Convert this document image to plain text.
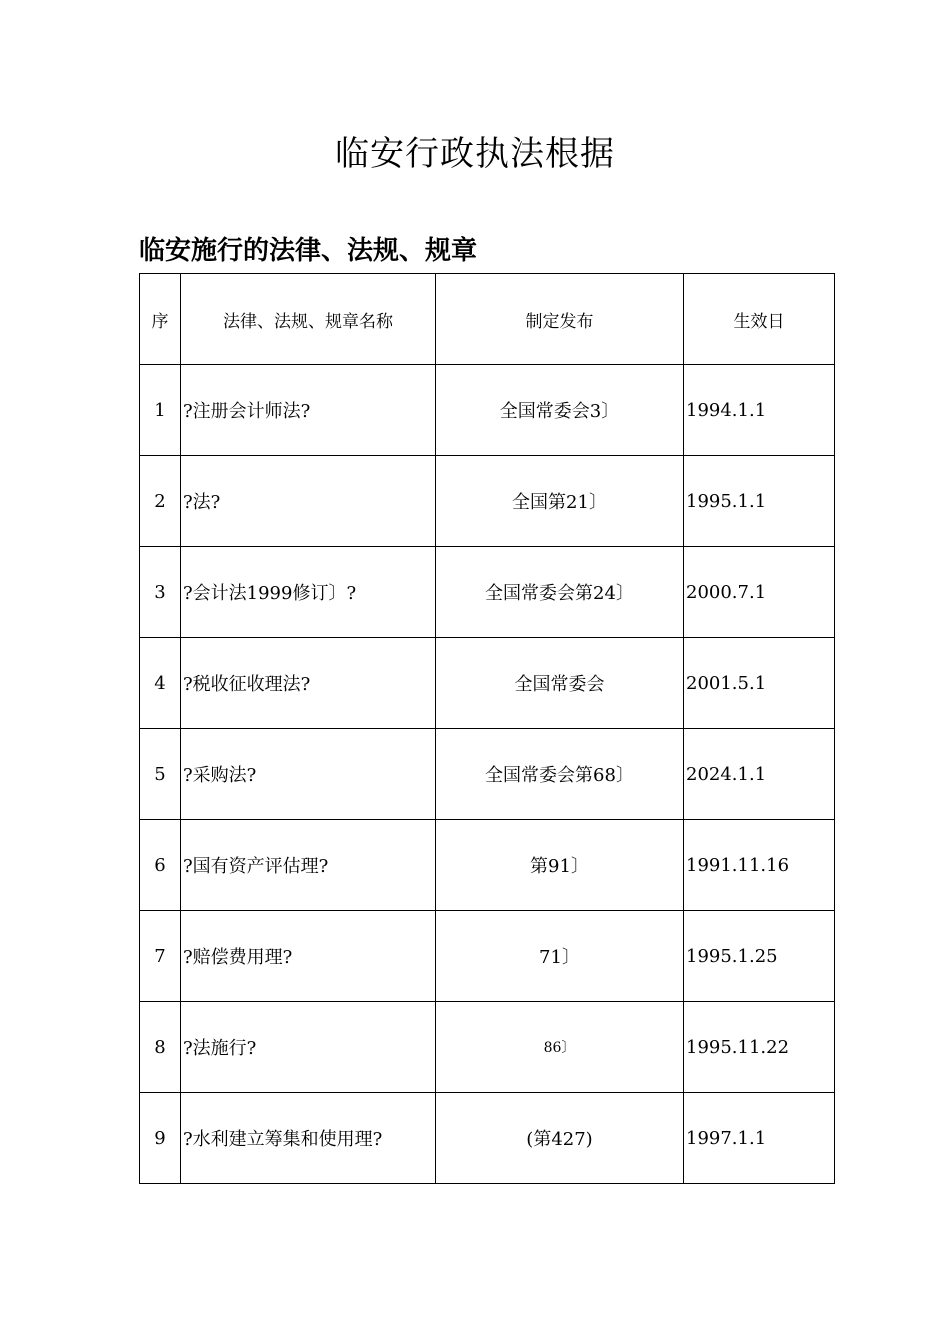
临安行政执法根据
临安施行的法律、法规、规章
序	法律、法规、规章名称	制定发布	生效日
1	?注册会计师法?	全国常委会3〕	1994.1.1
2	?法?	全国第21〕	1995.1.1
3	?会计法1999修订〕?	全国常委会第24〕	2000.7.1
4	?税收征收理法?	全国常委会	2001.5.1
5	?采购法?	全国常委会第68〕	2024.1.1
6	?国有资产评估理?	第91〕	1991.11.16
7	?赔偿费用理?	71〕	1995.1.25
8	?法施行?	86〕	1995.11.22
9	?水利建立筹集和使用理?	(第427)	1997.1.1
